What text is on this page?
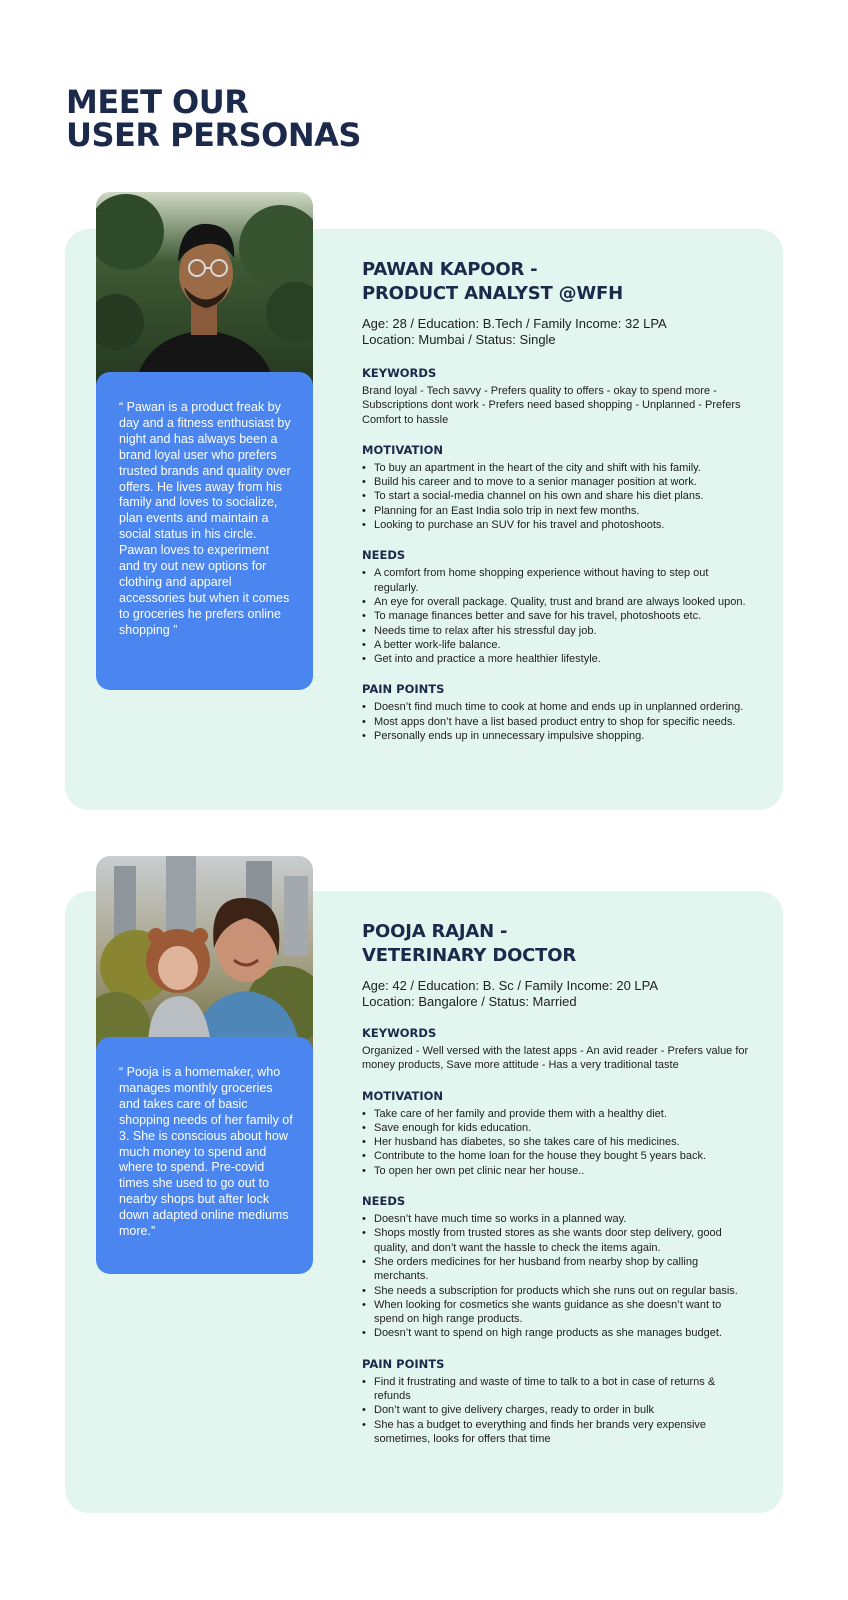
MEET OUR
USER PERSONAS
“ Pawan is a product freak by day and a fitness enthusiast by night and has always been a brand loyal user who prefers trusted brands and quality over offers. He lives away from his family and loves to socialize, plan events and maintain a social status in his circle. Pawan loves to experiment and try out new options for clothing and apparel accessories but when it comes to groceries he prefers online shopping ”
PAWAN KAPOOR -
PRODUCT ANALYST @WFH
Age: 28 / Education: B.Tech / Family Income: 32 LPA
Location: Mumbai / Status: Single
KEYWORDS
Brand loyal - Tech savvy - Prefers quality to offers - okay to spend more - Subscriptions dont work - Prefers need based shopping - Unplanned - Prefers Comfort to hassle
MOTIVATION
• To buy an apartment in the heart of the city and shift with his family.
• Build his career and to move to a senior manager position at work.
• To start a social-media channel on his own and share his diet plans.
• Planning for an East India solo trip in next few months.
• Looking to purchase an SUV for his travel and photoshoots.
NEEDS
• A comfort from home shopping experience without having to step out regularly.
• An eye for overall package. Quality, trust and brand are always looked upon.
• To manage finances better and save for his travel, photoshoots etc.
• Needs time to relax after his stressful day job.
• A better work-life balance.
• Get into and practice a more healthier lifestyle.
PAIN POINTS
• Doesn’t find much time to cook at home and ends up in unplanned ordering.
• Most apps don’t have a list based product entry to shop for specific needs.
• Personally ends up in unnecessary impulsive shopping.
“ Pooja is a homemaker, who manages monthly groceries and takes care of basic shopping needs of her family of 3. She is conscious about how much money to spend and where to spend. Pre-covid times she used to go out to nearby shops but after lock down adapted online mediums more.”
POOJA RAJAN -
VETERINARY DOCTOR
Age: 42 / Education: B. Sc / Family Income: 20 LPA
Location: Bangalore / Status: Married
KEYWORDS
Organized - Well versed with the latest apps - An avid reader - Prefers value for money products, Save more attitude - Has a very traditional taste
MOTIVATION
• Take care of her family and provide them with a healthy diet.
• Save enough for kids education.
• Her husband has diabetes, so she takes care of his medicines.
• Contribute to the home loan for the house they bought 5 years back.
• To open her own pet clinic near her house..
NEEDS
• Doesn’t have much time so works in a planned way.
• Shops mostly from trusted stores as she wants door step delivery, good quality, and don’t want the hassle to check the items again.
• She orders medicines for her husband from nearby shop by calling merchants.
• She needs a subscription for products which she runs out on regular basis.
• When looking for cosmetics she wants guidance as she doesn’t want to spend on high range products.
• Doesn’t want to spend on high range products as she manages budget.
PAIN POINTS
• Find it frustrating and waste of time to talk to a bot in case of returns & refunds
• Don’t want to give delivery charges, ready to order in bulk
• She has a budget to everything and finds her brands very expensive sometimes, looks for offers that time
